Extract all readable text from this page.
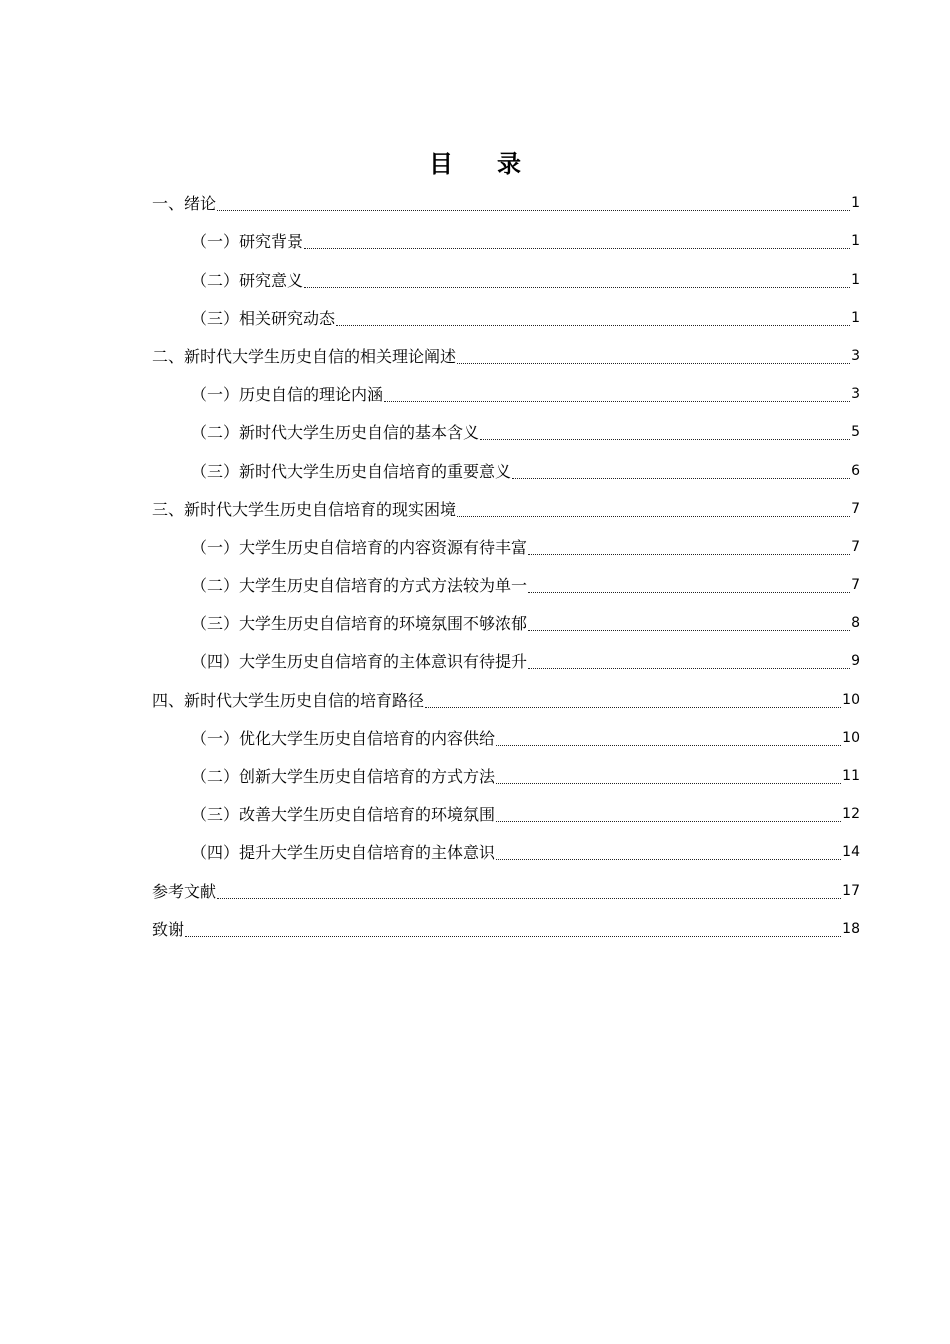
目 录
一、绪论	1
（一）研究背景	1
（二）研究意义	1
（三）相关研究动态	1
二、新时代大学生历史自信的相关理论阐述	3
（一）历史自信的理论内涵	3
（二）新时代大学生历史自信的基本含义	5
（三）新时代大学生历史自信培育的重要意义	6
三、新时代大学生历史自信培育的现实困境	7
（一）大学生历史自信培育的内容资源有待丰富	7
（二）大学生历史自信培育的方式方法较为单一	7
（三）大学生历史自信培育的环境氛围不够浓郁	8
（四）大学生历史自信培育的主体意识有待提升	9
四、新时代大学生历史自信的培育路径	10
（一）优化大学生历史自信培育的内容供给	10
（二）创新大学生历史自信培育的方式方法	11
（三）改善大学生历史自信培育的环境氛围	12
（四）提升大学生历史自信培育的主体意识	14
参考文献	17
致谢	18
